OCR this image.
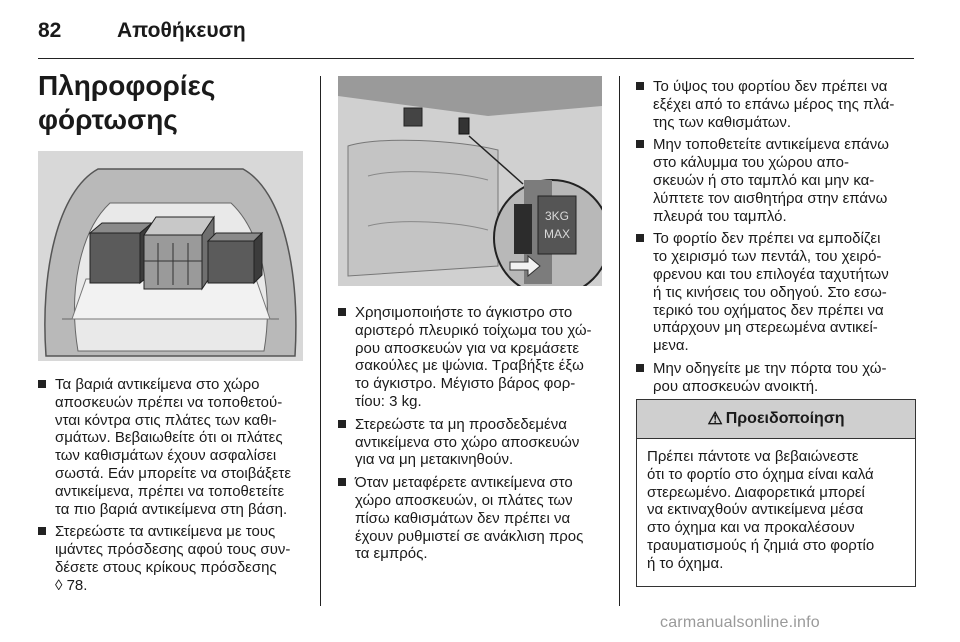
82	Αποθήκευση
Πληροφορίες
φόρτωσης
3KG
MAX
Τα βαριά αντικείμενα στο χώρο
αποσκευών πρέπει να τοποθετού-
νται κόντρα στις πλάτες των καθι-
σμάτων. Βεβαιωθείτε ότι οι πλάτες
των καθισμάτων έχουν ασφαλίσει
σωστά. Εάν μπορείτε να στοιβάξετε
αντικείμενα, πρέπει να τοποθετείτε
τα πιο βαριά αντικείμενα στη βάση.
Στερεώστε τα αντικείμενα με τους
ιμάντες πρόσδεσης αφού τους συν-
δέσετε στους κρίκους πρόσδεσης
◊ 78.
Χρησιμοποιήστε το άγκιστρο στο
αριστερό πλευρικό τοίχωμα του χώ-
ρου αποσκευών για να κρεμάσετε
σακούλες με ψώνια. Τραβήξτε έξω
το άγκιστρο. Μέγιστο βάρος φορ-
τίου: 3 kg.
Στερεώστε τα μη προσδεδεμένα
αντικείμενα στο χώρο αποσκευών
για να μη μετακινηθούν.
Όταν μεταφέρετε αντικείμενα στο
χώρο αποσκευών, οι πλάτες των
πίσω καθισμάτων δεν πρέπει να
έχουν ρυθμιστεί σε ανάκλιση προς
τα εμπρός.
Το ύψος του φορτίου δεν πρέπει να
εξέχει από το επάνω μέρος της πλά-
της των καθισμάτων.
Μην τοποθετείτε αντικείμενα επάνω
στο κάλυμμα του χώρου απο-
σκευών ή στο ταμπλό και μην κα-
λύπτετε τον αισθητήρα στην επάνω
πλευρά του ταμπλό.
Το φορτίο δεν πρέπει να εμποδίζει
το χειρισμό των πεντάλ, του χειρό-
φρενου και του επιλογέα ταχυτήτων
ή τις κινήσεις του οδηγού. Στο εσω-
τερικό του οχήματος δεν πρέπει να
υπάρχουν μη στερεωμένα αντικεί-
μενα.
Μην οδηγείτε με την πόρτα του χώ-
ρου αποσκευών ανοικτή.
⚠ Προειδοποίηση
Πρέπει πάντοτε να βεβαιώνεστε
ότι το φορτίο στο όχημα είναι καλά
στερεωμένο. Διαφορετικά μπορεί
να εκτιναχθούν αντικείμενα μέσα
στο όχημα και να προκαλέσουν
τραυματισμούς ή ζημιά στο φορτίο
ή το όχημα.
carmanualsonline.info
